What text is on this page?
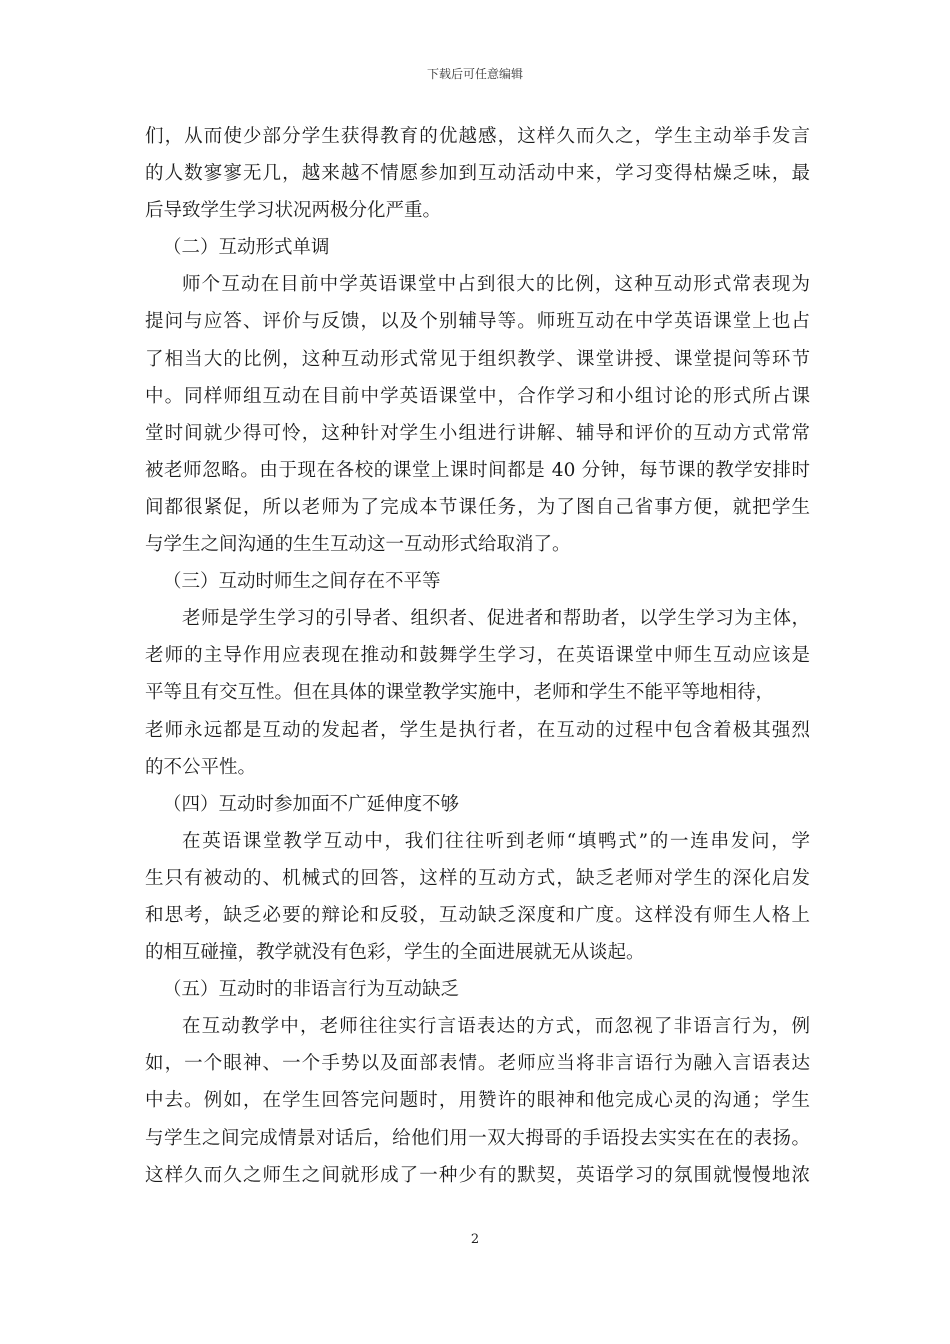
下载后可任意编辑
们，从而使少部分学生获得教育的优越感，这样久而久之，学生主动举手发言
的人数寥寥无几，越来越不情愿参加到互动活动中来，学习变得枯燥乏味，最
后导致学生学习状况两极分化严重。
（二）互动形式单调
师个互动在目前中学英语课堂中占到很大的比例，这种互动形式常表现为
提问与应答、评价与反馈，以及个别辅导等。师班互动在中学英语课堂上也占
了相当大的比例，这种互动形式常见于组织教学、课堂讲授、课堂提问等环节
中。同样师组互动在目前中学英语课堂中，合作学习和小组讨论的形式所占课
堂时间就少得可怜，这种针对学生小组进行讲解、辅导和评价的互动方式常常
被老师忽略。由于现在各校的课堂上课时间都是 40 分钟，每节课的教学安排时
间都很紧促，所以老师为了完成本节课任务，为了图自己省事方便，就把学生
与学生之间沟通的生生互动这一互动形式给取消了。
（三）互动时师生之间存在不平等
老师是学生学习的引导者、组织者、促进者和帮助者，以学生学习为主体，
老师的主导作用应表现在推动和鼓舞学生学习，在英语课堂中师生互动应该是
平等且有交互性。但在具体的课堂教学实施中，老师和学生不能平等地相待，
老师永远都是互动的发起者，学生是执行者，在互动的过程中包含着极其强烈
的不公平性。
（四）互动时参加面不广延伸度不够
在英语课堂教学互动中，我们往往听到老师“填鸭式”的一连串发问，学
生只有被动的、机械式的回答，这样的互动方式，缺乏老师对学生的深化启发
和思考，缺乏必要的辩论和反驳，互动缺乏深度和广度。这样没有师生人格上
的相互碰撞，教学就没有色彩，学生的全面进展就无从谈起。
（五）互动时的非语言行为互动缺乏
在互动教学中，老师往往实行言语表达的方式，而忽视了非语言行为，例
如，一个眼神、一个手势以及面部表情。老师应当将非言语行为融入言语表达
中去。例如，在学生回答完问题时，用赞许的眼神和他完成心灵的沟通；学生
与学生之间完成情景对话后，给他们用一双大拇哥的手语投去实实在在的表扬。
这样久而久之师生之间就形成了一种少有的默契，英语学习的氛围就慢慢地浓
2
